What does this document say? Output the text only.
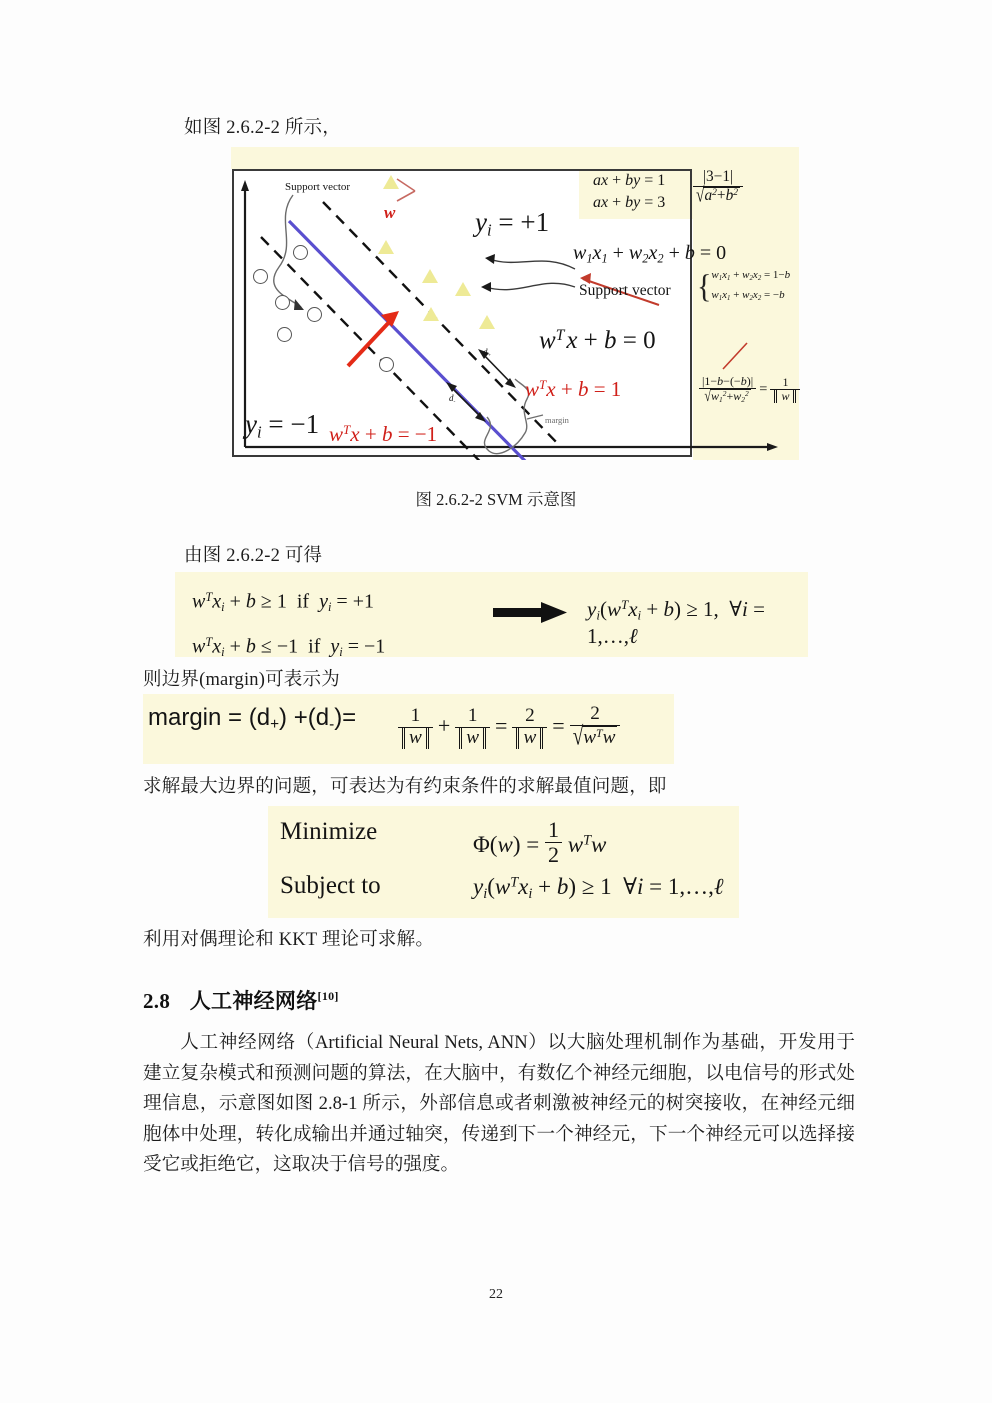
如图 2.6.2-2 所示，
Support vector
Support vector
margin
w
$d_+$
$d_-$
$y_i = +1$
$y_i = -1$ $w^Tx + b = -1$
$w^Tx + b = 1$
$w^Tx + b = 0$
ax + by = 1
ax + by = $3 \frac{|3-1|}{√a^2+b^2}$
$w_1x_1 + w_2x_2 + b = 0$
{ $w_1x_1 + w_2x_2 = 1-b$
$w_1x_1 + w_2x_2 = -b$
$\frac{|1-b-(-b)|}{√w_1^2+w_2^2} = \frac{1}{w}$
图 2.6.2-2 SVM 示意图
由图 2.6.2-2 可得
$w^Tx_i + b \ge 1$  if  $y_i = +1$
$w^Tx_i + b \le -1$  if  $y_i = -1$
$y_i(w^Tx_i + b) \ge 1$, ∀i = 1,…,ℓ
则边界(margin)可表示为
margin = $(d_+) +(d_-)= \frac{1}{w} + \frac{1}{w} = \frac{2}{w} = \frac{2}{√w^Tw}$
求解最大边界的问题，可表达为有约束条件的求解最值问题，即
Minimize	$\Phi(w) = \frac{1}{2} w^Tw$
Subject to	$y_i(w^Tx_i + b) \ge 1$ ∀i = 1,…,ℓ
利用对偶理论和 KKT 理论可求解。
2.8 人工神经网络[10]
人工神经网络（Artificial Neural Nets, ANN）以大脑处理机制作为基础，开发用于建立复杂模式和预测问题的算法，在大脑中，有数亿个神经元细胞，以电信号的形式处理信息，示意图如图 2.8-1 所示，外部信息或者刺激被神经元的树突接收，在神经元细胞体中处理，转化成输出并通过轴突，传递到下一个神经元，下一个神经元可以选择接受它或拒绝它，这取决于信号的强度。
22
